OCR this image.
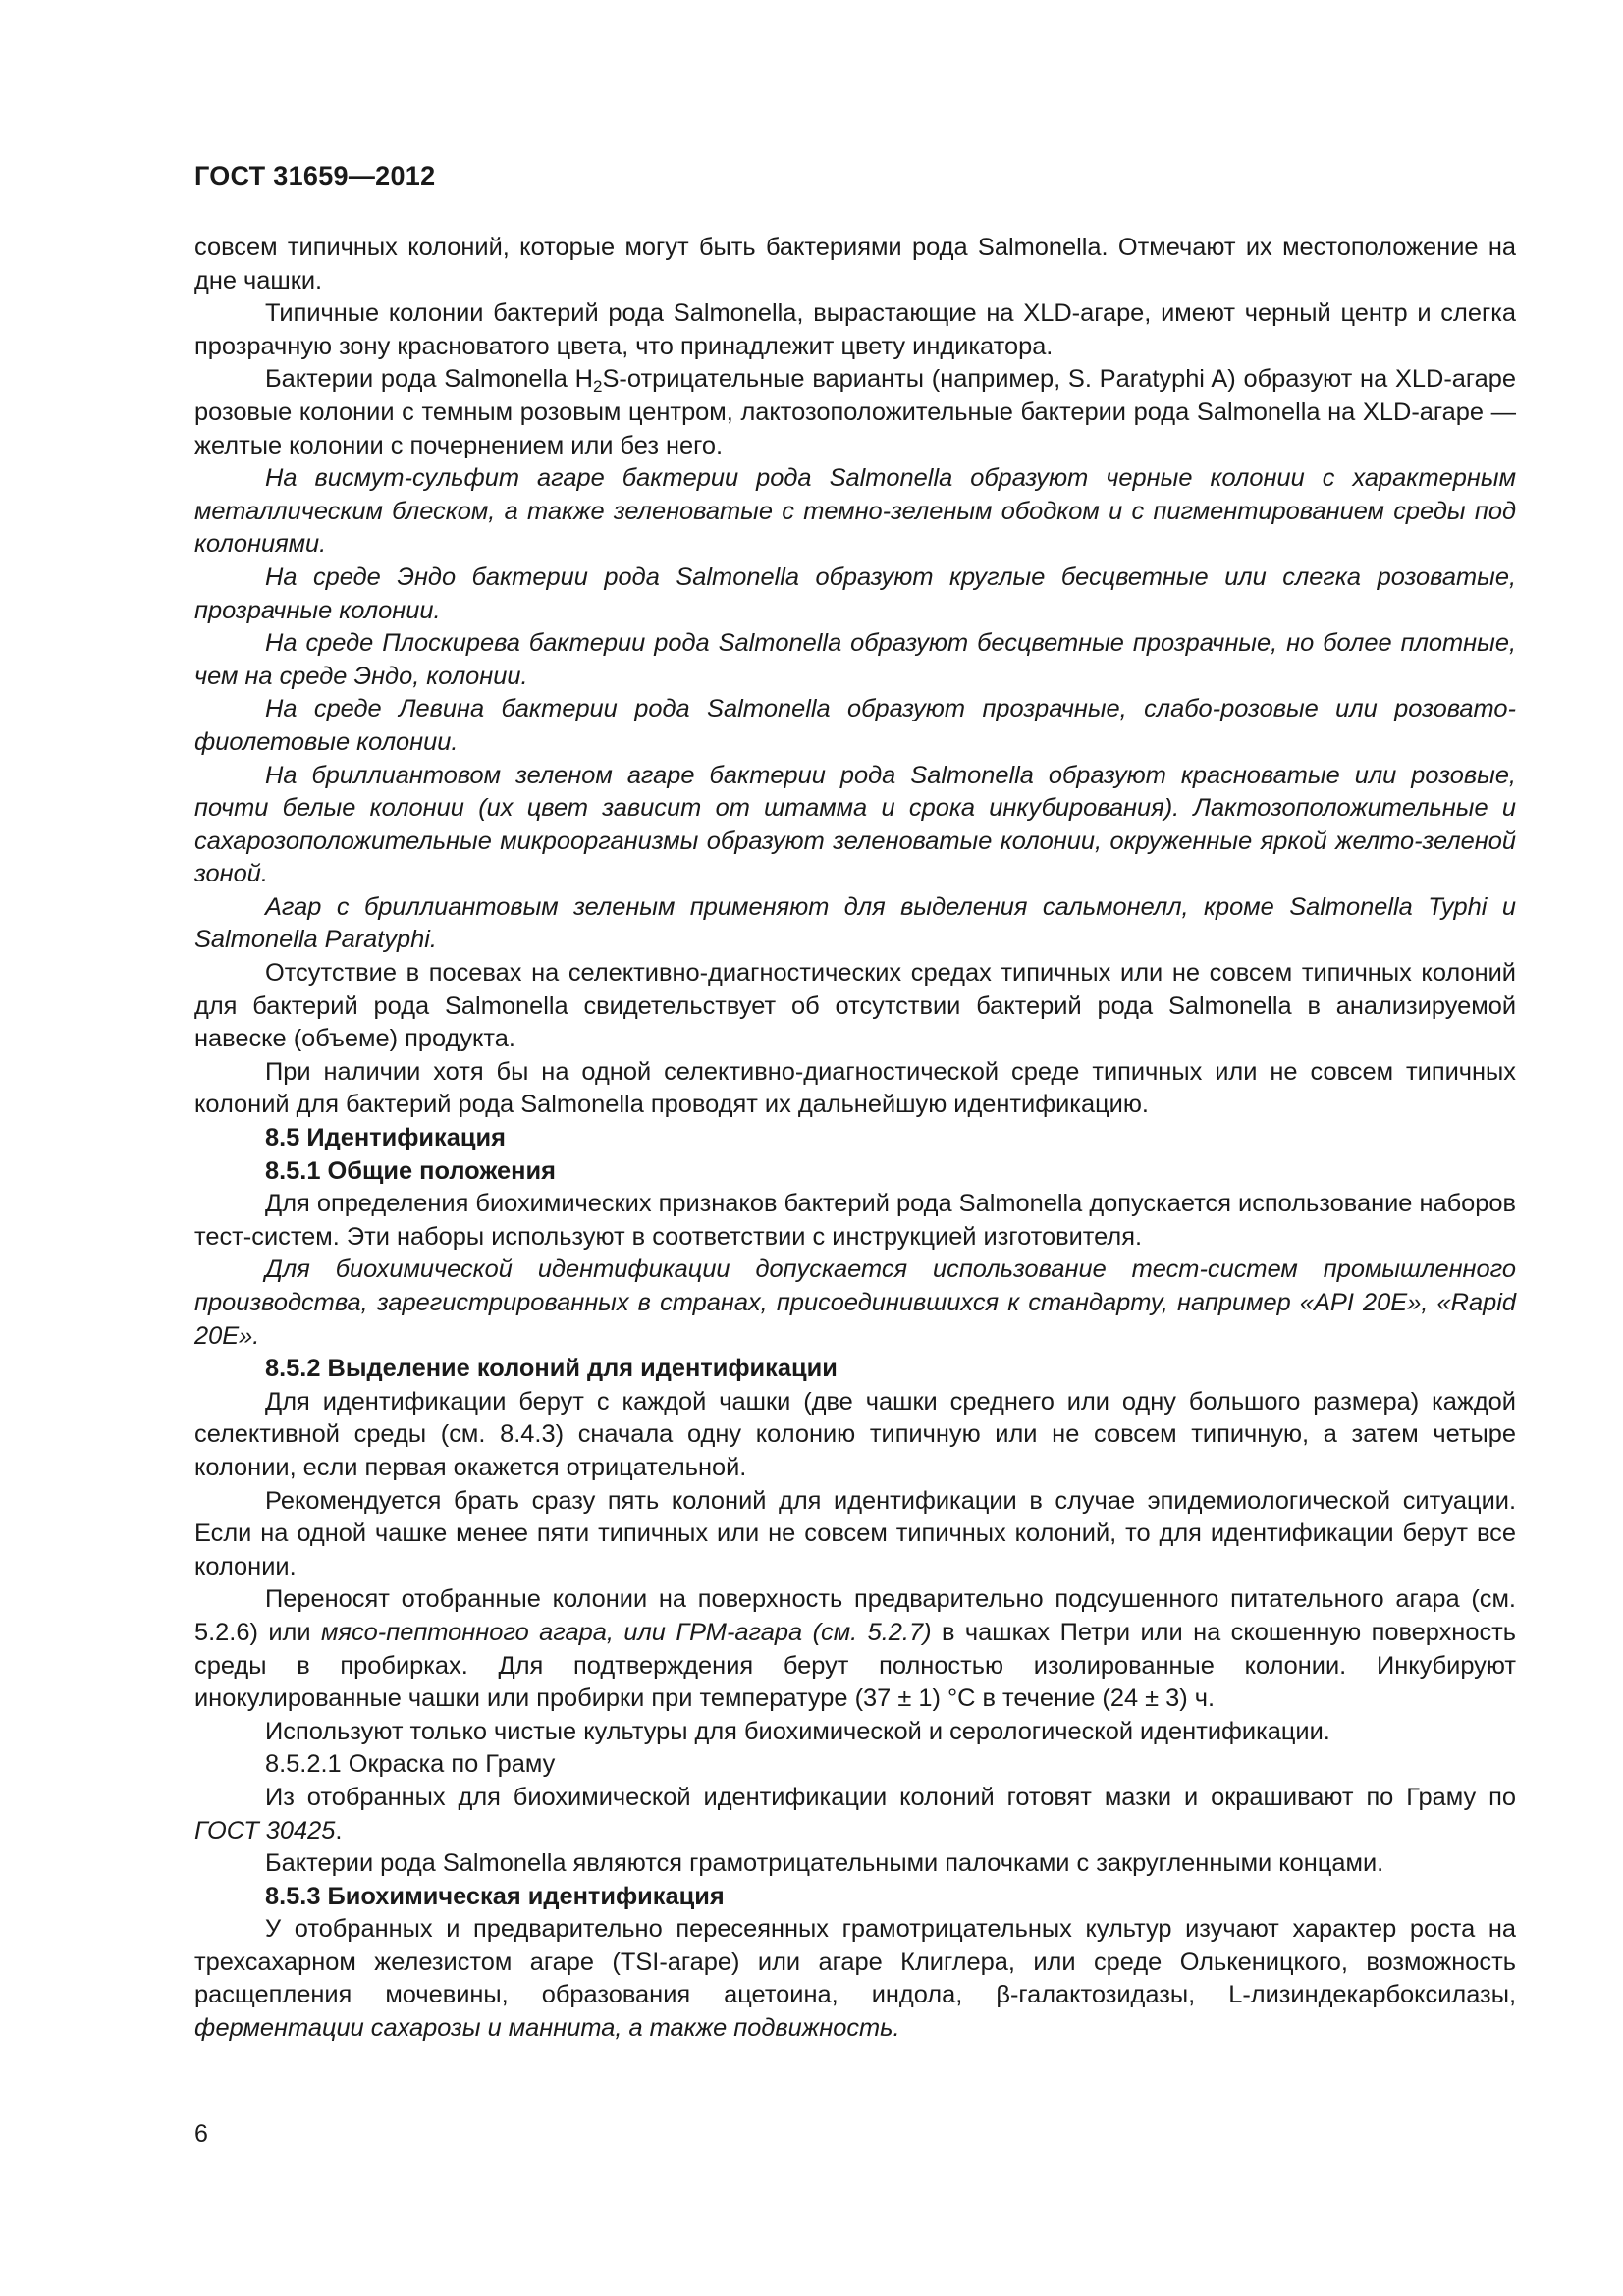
ГОСТ 31659—2012

совсем типичных колоний, которые могут быть бактериями рода Salmonella. Отмечают их местоположение на дне чашки.

Типичные колонии бактерий рода Salmonella, вырастающие на XLD-агаре, имеют черный центр и слегка прозрачную зону красноватого цвета, что принадлежит цвету индикатора.

Бактерии рода Salmonella $H_2S$-отрицательные варианты (например, S. Paratyphi A) образуют на XLD-агаре розовые колонии с темным розовым центром, лактозоположительные бактерии рода Salmonella на XLD-агаре — желтые колонии с почернением или без него.

На висмут-сульфит агаре бактерии рода Salmonella образуют черные колонии с характерным металлическим блеском, а также зеленоватые с темно-зеленым ободком и с пигментированием среды под колониями.

На среде Эндо бактерии рода Salmonella образуют круглые бесцветные или слегка розоватые, прозрачные колонии.

На среде Плоскирева бактерии рода Salmonella образуют бесцветные прозрачные, но более плотные, чем на среде Эндо, колонии.

На среде Левина бактерии рода Salmonella образуют прозрачные, слабо-розовые или розовато-фиолетовые колонии.

На бриллиантовом зеленом агаре бактерии рода Salmonella образуют красноватые или розовые, почти белые колонии (их цвет зависит от штамма и срока инкубирования). Лактозоположительные и сахарозоположительные микроорганизмы образуют зеленоватые колонии, окруженные яркой желто-зеленой зоной.

Агар с бриллиантовым зеленым применяют для выделения сальмонелл, кроме Salmonella Typhi и Salmonella Paratyphi.

Отсутствие в посевах на селективно-диагностических средах типичных или не совсем типичных колоний для бактерий рода Salmonella свидетельствует об отсутствии бактерий рода Salmonella в анализируемой навеске (объеме) продукта.

При наличии хотя бы на одной селективно-диагностической среде типичных или не совсем типичных колоний для бактерий рода Salmonella проводят их дальнейшую идентификацию.

8.5 Идентификация
8.5.1 Общие положения

Для определения биохимических признаков бактерий рода Salmonella допускается использование наборов тест-систем. Эти наборы используют в соответствии с инструкцией изготовителя.

Для биохимической идентификации допускается использование тест-систем промышленного производства, зарегистрированных в странах, присоединившихся к стандарту, например «API 20E», «Rapid 20E».

8.5.2 Выделение колоний для идентификации

Для идентификации берут с каждой чашки (две чашки среднего или одну большого размера) каждой селективной среды (см. 8.4.3) сначала одну колонию типичную или не совсем типичную, а затем четыре колонии, если первая окажется отрицательной.

Рекомендуется брать сразу пять колоний для идентификации в случае эпидемиологической ситуации. Если на одной чашке менее пяти типичных или не совсем типичных колоний, то для идентификации берут все колонии.

Переносят отобранные колонии на поверхность предварительно подсушенного питательного агара (см. 5.2.6) или мясо-пептонного агара, или ГРМ-агара (см. 5.2.7) в чашках Петри или на скошенную поверхность среды в пробирках. Для подтверждения берут полностью изолированные колонии. Инкубируют инокулированные чашки или пробирки при температуре (37 ± 1) °С в течение (24 ± 3) ч.

Используют только чистые культуры для биохимической и серологической идентификации.

8.5.2.1 Окраска по Граму

Из отобранных для биохимической идентификации колоний готовят мазки и окрашивают по Граму по ГОСТ 30425.

Бактерии рода Salmonella являются грамотрицательными палочками с закругленными концами.

8.5.3 Биохимическая идентификация

У отобранных и предварительно пересеянных грамотрицательных культур изучают характер роста на трехсахарном железистом агаре (TSI-агаре) или агаре Клиглера, или среде Олькеницкого, возможность расщепления мочевины, образования ацетоина, индола, β-галактозидазы, L-лизиндекарбоксилазы, ферментации сахарозы и маннита, а также подвижность.

6
